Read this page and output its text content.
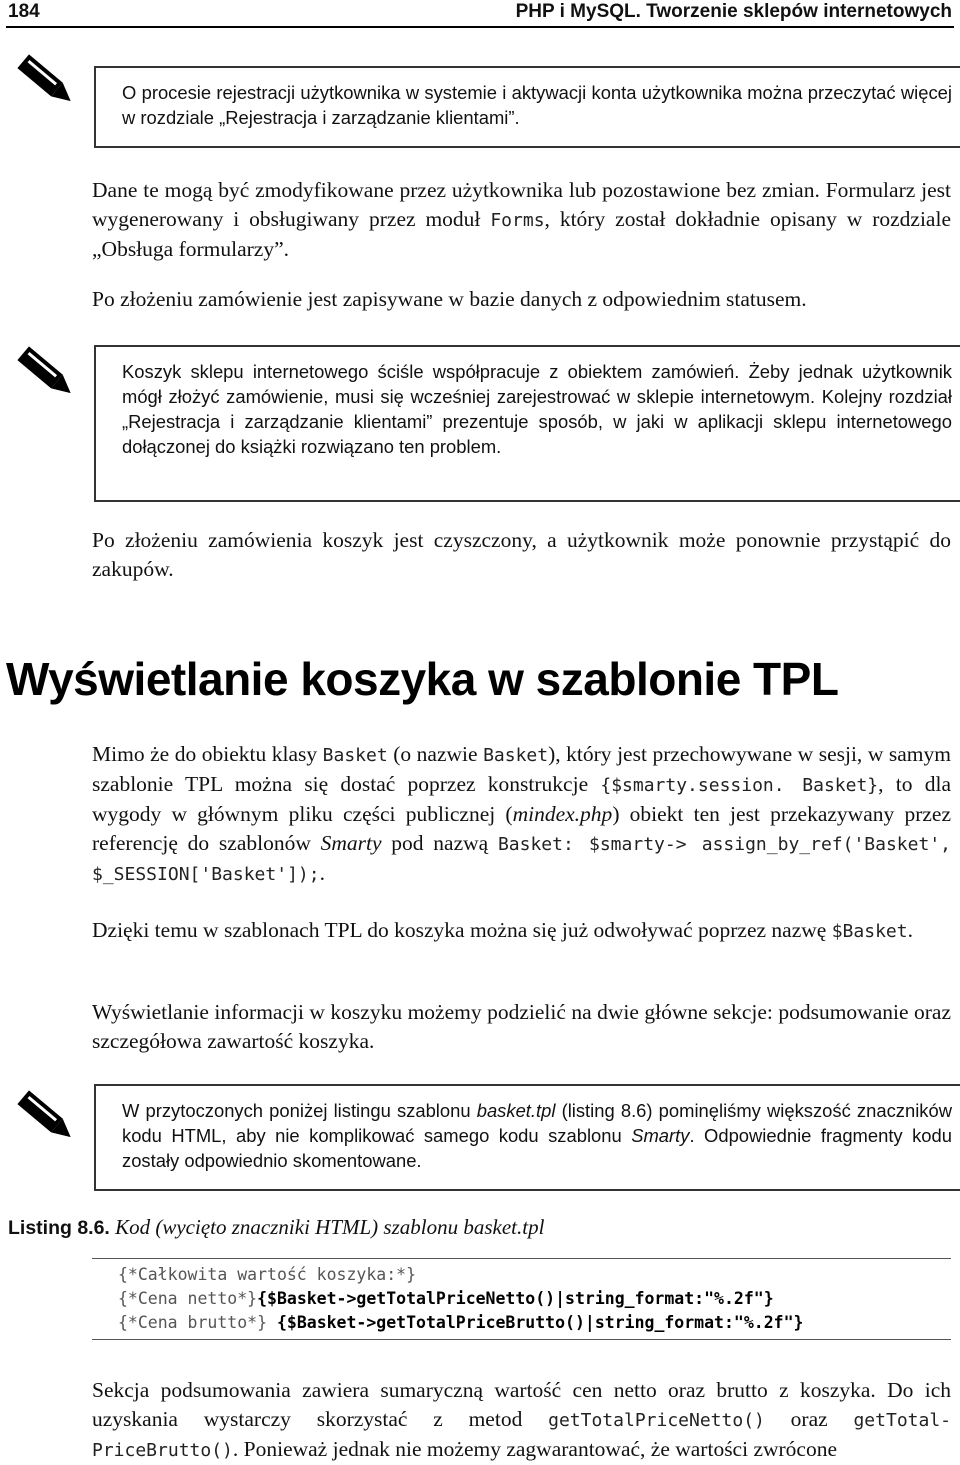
184	PHP i MySQL. Tworzenie sklepów internetowych

O procesie rejestracji użytkownika w systemie i aktywacji konta użytkownika można przeczytać więcej w rozdziale „Rejestracja i zarządzanie klientami”.

Dane te mogą być zmodyfikowane przez użytkownika lub pozostawione bez zmian. Formularz jest wygenerowany i obsługiwany przez moduł Forms, który został dokładnie opisany w rozdziale „Obsługa formularzy”.

Po złożeniu zamówienie jest zapisywane w bazie danych z odpowiednim statusem.

Koszyk sklepu internetowego ściśle współpracuje z obiektem zamówień. Żeby jednak użytkownik mógł złożyć zamówienie, musi się wcześniej zarejestrować w sklepie internetowym. Kolejny rozdział „Rejestracja i zarządzanie klientami” prezentuje sposób, w jaki w aplikacji sklepu internetowego dołączonej do książki rozwiązano ten problem.

Po złożeniu zamówienia koszyk jest czyszczony, a użytkownik może ponownie przystąpić do zakupów.

Wyświetlanie koszyka w szablonie TPL

Mimo że do obiektu klasy Basket (o nazwie Basket), który jest przechowywane w sesji, w samym szablonie TPL można się dostać poprzez konstrukcje {$smarty.session. Basket}, to dla wygody w głównym pliku części publicznej (mindex.php) obiekt ten jest przekazywany przez referencję do szablonów Smarty pod nazwą Basket: $smarty-> assign_by_ref('Basket', $_SESSION['Basket']);.

Dzięki temu w szablonach TPL do koszyka można się już odwoływać poprzez nazwę $Basket.

Wyświetlanie informacji w koszyku możemy podzielić na dwie główne sekcje: podsumowanie oraz szczegółowa zawartość koszyka.

W przytoczonych poniżej listingu szablonu basket.tpl (listing 8.6) pominęliśmy większość znaczników kodu HTML, aby nie komplikować samego kodu szablonu Smarty. Odpowiednie fragmenty kodu zostały odpowiednio skomentowane.

Listing 8.6. Kod (wycięto znaczniki HTML) szablonu basket.tpl
{*Całkowita wartość koszyka:*}
{*Cena netto*}{$Basket->getTotalPriceNetto()|string_format:"%.2f"}
{*Cena brutto*} {$Basket->getTotalPriceBrutto()|string_format:"%.2f"}

Sekcja podsumowania zawiera sumaryczną wartość cen netto oraz brutto z koszyka. Do ich uzyskania wystarczy skorzystać z metod getTotalPriceNetto() oraz getTotal-PriceBrutto(). Ponieważ jednak nie możemy zagwarantować, że wartości zwrócone
